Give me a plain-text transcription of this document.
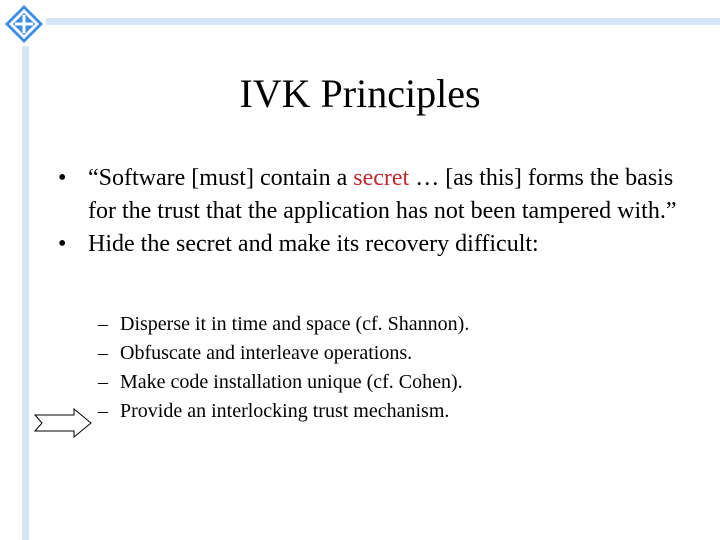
IVK Principles
• “Software [must] contain a secret … [as this] forms the basis for the trust that the application has not been tampered with.”
• Hide the secret and make its recovery difficult:
– Disperse it in time and space (cf. Shannon).
– Obfuscate and interleave operations.
– Make code installation unique (cf. Cohen).
– Provide an interlocking trust mechanism.
